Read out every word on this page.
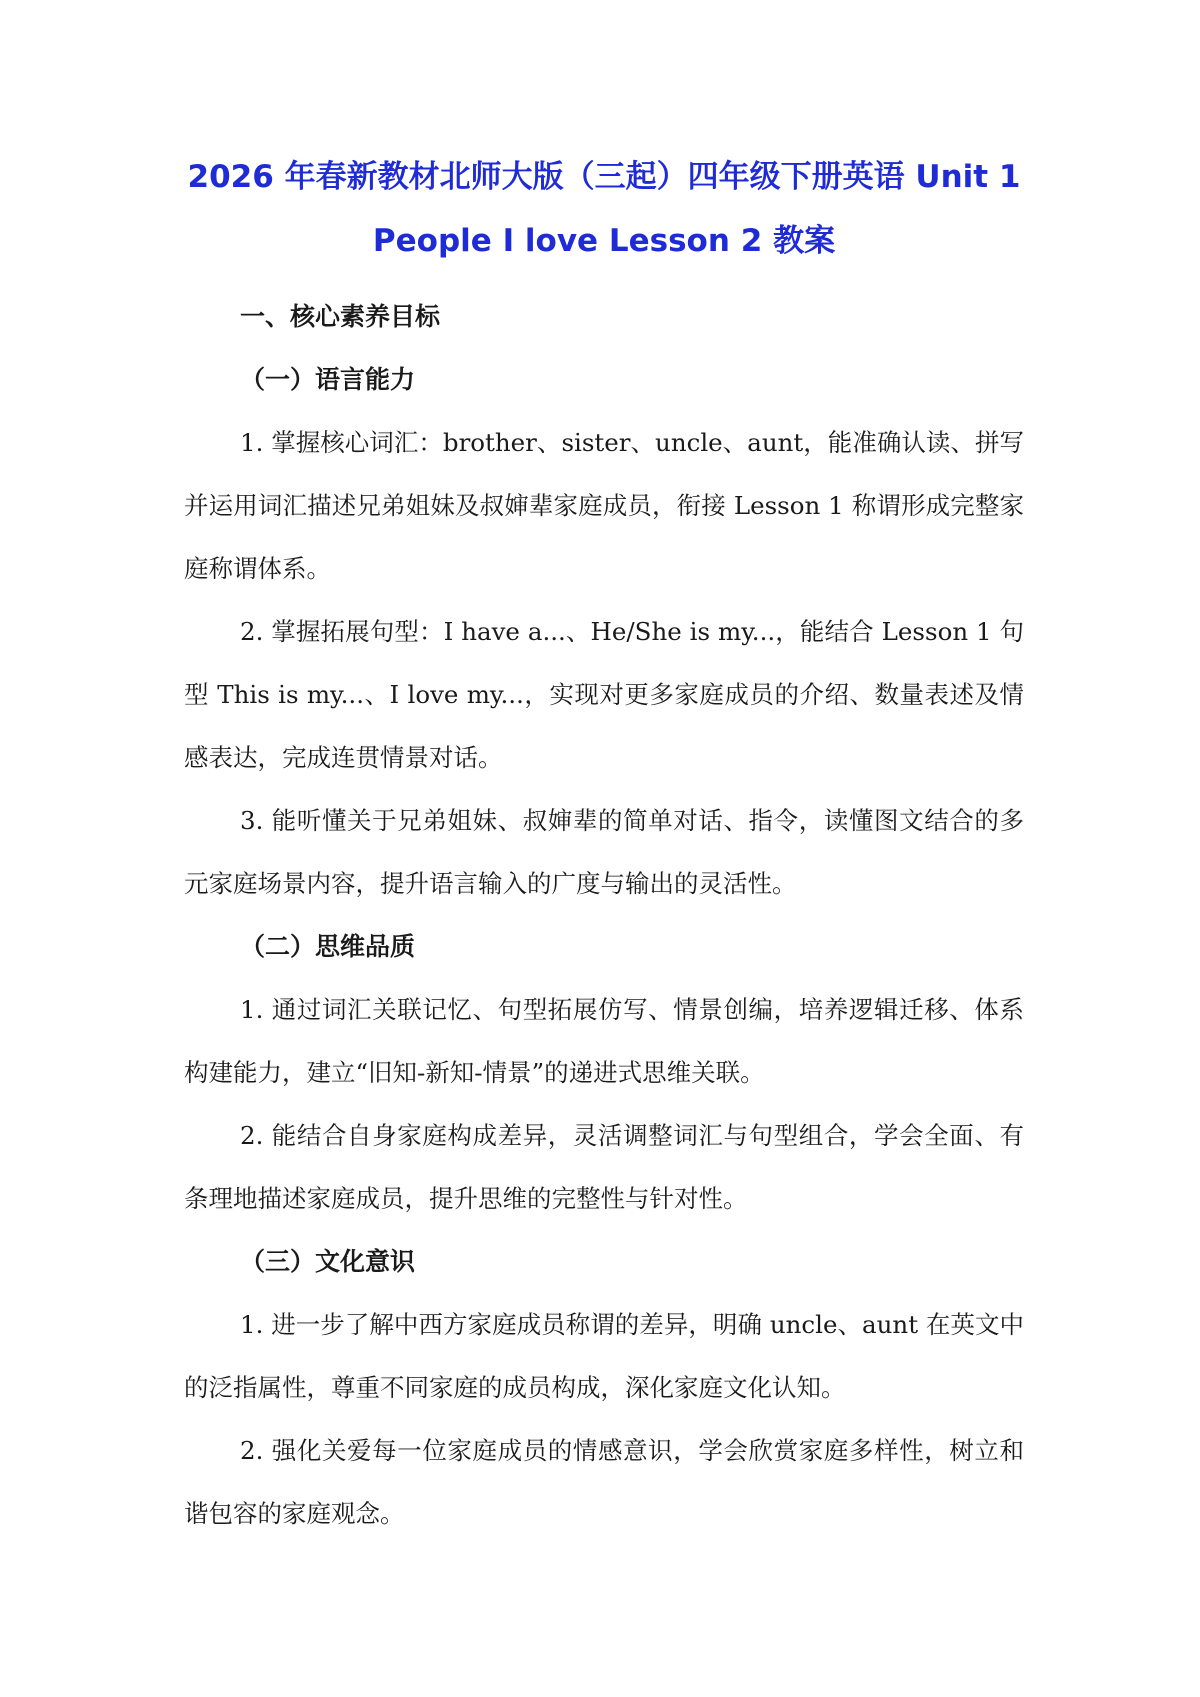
2026 年春新教材北师大版（三起）四年级下册英语 Unit 1
People I love Lesson 2 教案

一、核心素养目标

（一）语言能力

1. 掌握核心词汇：brother、sister、uncle、aunt，能准确认读、拼写并运用词汇描述兄弟姐妹及叔婶辈家庭成员，衔接 Lesson 1 称谓形成完整家庭称谓体系。

2. 掌握拓展句型：I have a...、He/She is my...，能结合 Lesson 1 句型 This is my...、I love my...，实现对更多家庭成员的介绍、数量表述及情感表达，完成连贯情景对话。

3. 能听懂关于兄弟姐妹、叔婶辈的简单对话、指令，读懂图文结合的多元家庭场景内容，提升语言输入的广度与输出的灵活性。

（二）思维品质

1. 通过词汇关联记忆、句型拓展仿写、情景创编，培养逻辑迁移、体系构建能力，建立“旧知-新知-情景”的递进式思维关联。

2. 能结合自身家庭构成差异，灵活调整词汇与句型组合，学会全面、有条理地描述家庭成员，提升思维的完整性与针对性。

（三）文化意识

1. 进一步了解中西方家庭成员称谓的差异，明确 uncle、aunt 在英文中的泛指属性，尊重不同家庭的成员构成，深化家庭文化认知。

2. 强化关爱每一位家庭成员的情感意识，学会欣赏家庭多样性，树立和谐包容的家庭观念。
